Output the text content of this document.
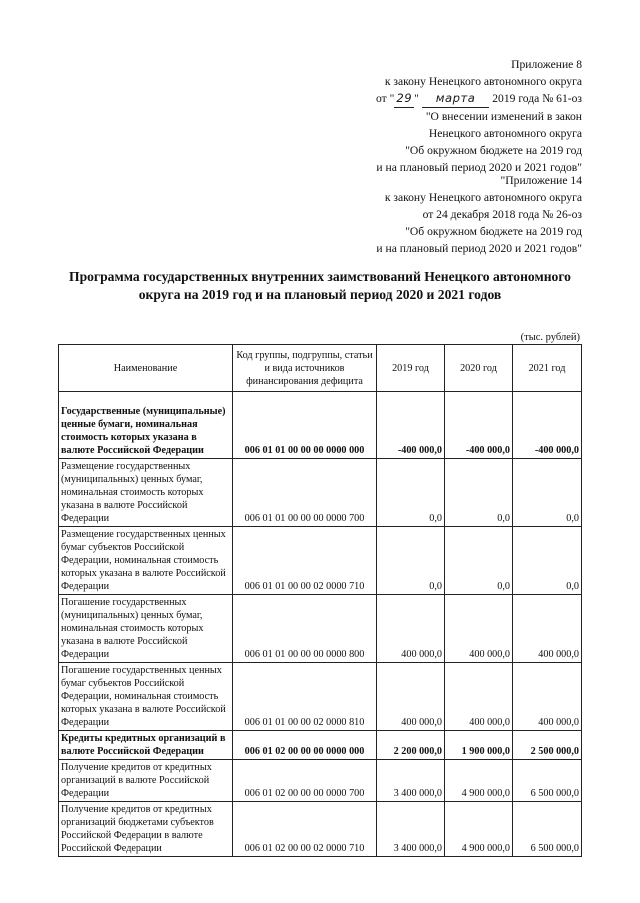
Приложение 8
к закону Ненецкого автономного округа
от " 29 " марта 2019 года № 61-оз
"О внесении изменений в закон
Ненецкого автономного округа
"Об окружном бюджете на 2019 год
и на плановый период 2020 и 2021 годов"
"Приложение 14
к закону Ненецкого автономного округа
от 24 декабря 2018 года № 26-оз
"Об окружном бюджете на 2019 год
и на плановый период 2020 и 2021 годов"
Программа государственных внутренних заимствований Ненецкого автономного
округа на 2019 год и на плановый период 2020 и 2021 годов
(тыс. рублей)
Наименование	Код группы, подгруппы, статьи и вида источников финансирования дефицита	2019 год	2020 год	2021 год
Государственные (муниципальные) ценные бумаги, номинальная стоимость которых указана в валюте Российской Федерации	006 01 01 00 00 00 0000 000	-400 000,0	-400 000,0	-400 000,0
Размещение государственных (муниципальных) ценных бумаг, номинальная стоимость которых указана в валюте Российской Федерации	006 01 01 00 00 00 0000 700	0,0	0,0	0,0
Размещение государственных ценных бумаг субъектов Российской Федерации, номинальная стоимость которых указана в валюте Российской Федерации	006 01 01 00 00 02 0000 710	0,0	0,0	0,0
Погашение государственных (муниципальных) ценных бумаг, номинальная стоимость которых указана в валюте Российской Федерации	006 01 01 00 00 00 0000 800	400 000,0	400 000,0	400 000,0
Погашение государственных ценных бумаг субъектов Российской Федерации, номинальная стоимость которых указана в валюте Российской Федерации	006 01 01 00 00 02 0000 810	400 000,0	400 000,0	400 000,0
Кредиты кредитных организаций в валюте Российской Федерации	006 01 02 00 00 00 0000 000	2 200 000,0	1 900 000,0	2 500 000,0
Получение кредитов от кредитных организаций в валюте Российской Федерации	006 01 02 00 00 00 0000 700	3 400 000,0	4 900 000,0	6 500 000,0
Получение кредитов от кредитных организаций бюджетами субъектов Российской Федерации в валюте Российской Федерации	006 01 02 00 00 02 0000 710	3 400 000,0	4 900 000,0	6 500 000,0
